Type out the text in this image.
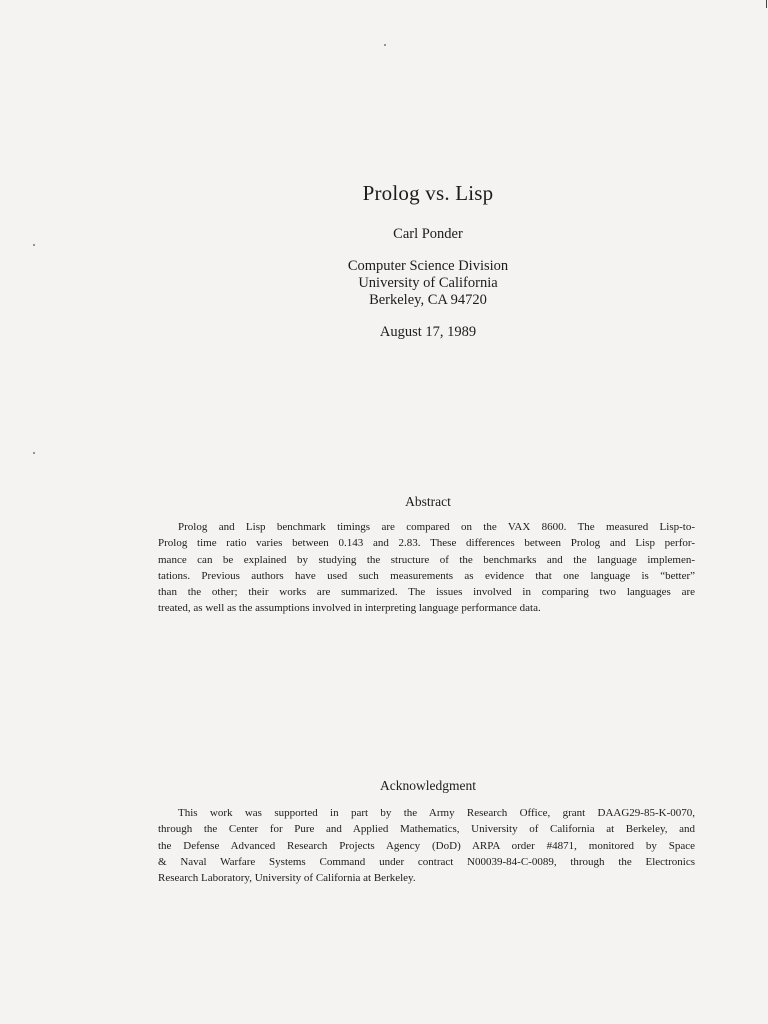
Prolog vs. Lisp
Carl Ponder
Computer Science Division
University of California
Berkeley, CA 94720
August 17, 1989
Abstract
Prolog and Lisp benchmark timings are compared on the VAX 8600. The measured Lisp-to-
Prolog time ratio varies between 0.143 and 2.83. These differences between Prolog and Lisp perfor-
mance can be explained by studying the structure of the benchmarks and the language implemen-
tations. Previous authors have used such measurements as evidence that one language is “better”
than the other; their works are summarized. The issues involved in comparing two languages are
treated, as well as the assumptions involved in interpreting language performance data.
Acknowledgment
This work was supported in part by the Army Research Office, grant DAAG29-85-K-0070,
through the Center for Pure and Applied Mathematics, University of California at Berkeley, and
the Defense Advanced Research Projects Agency (DoD) ARPA order #4871, monitored by Space
& Naval Warfare Systems Command under contract N00039-84-C-0089, through the Electronics
Research Laboratory, University of California at Berkeley.
